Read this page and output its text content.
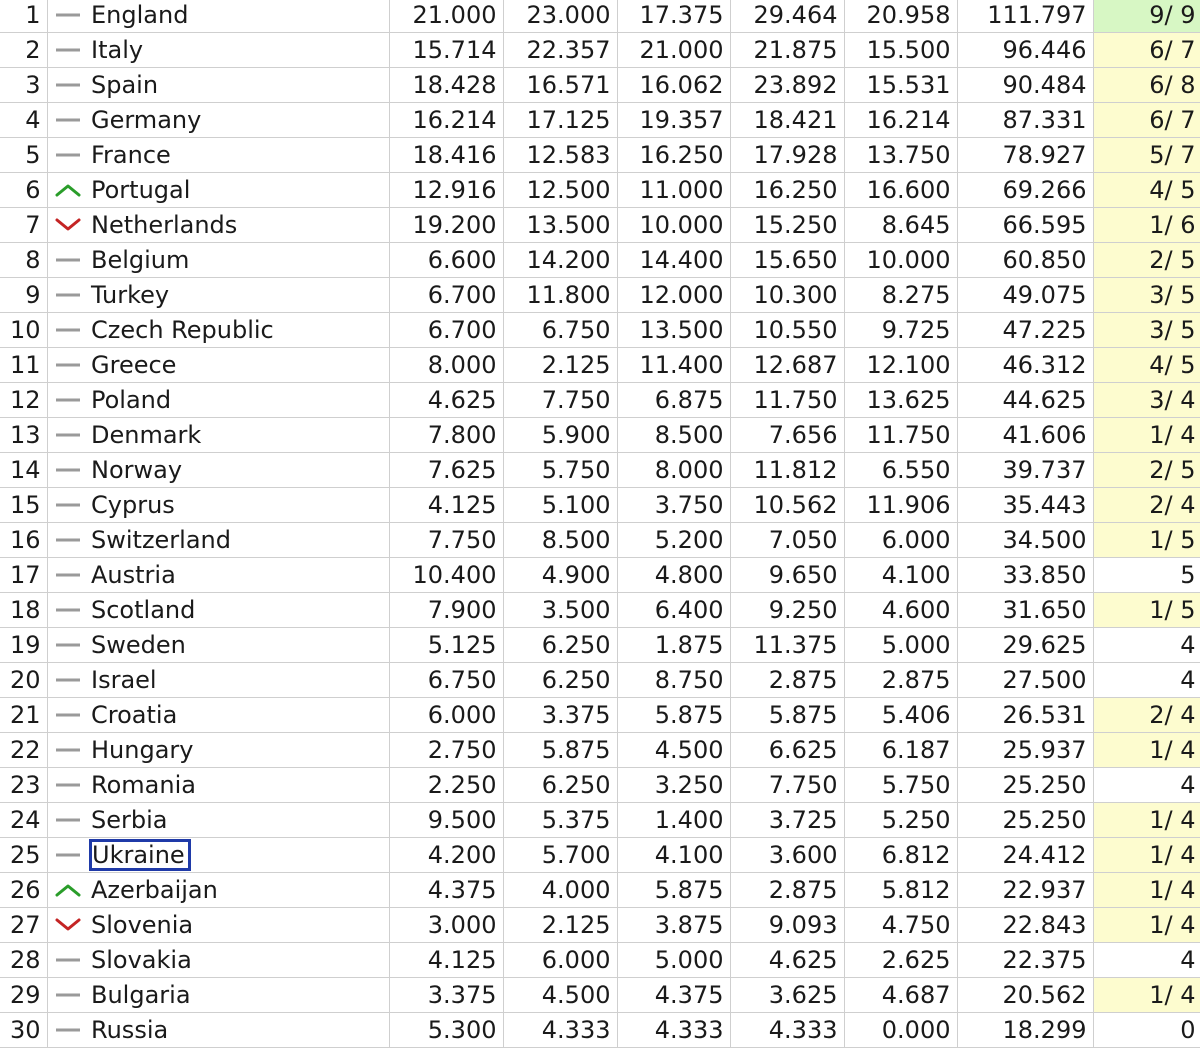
1		England	21.000	23.000	17.375	29.464	20.958	111.797	9/ 9
2		Italy	15.714	22.357	21.000	21.875	15.500	96.446	6/ 7
3		Spain	18.428	16.571	16.062	23.892	15.531	90.484	6/ 8
4		Germany	16.214	17.125	19.357	18.421	16.214	87.331	6/ 7
5		France	18.416	12.583	16.250	17.928	13.750	78.927	5/ 7
6		Portugal	12.916	12.500	11.000	16.250	16.600	69.266	4/ 5
7		Netherlands	19.200	13.500	10.000	15.250	8.645	66.595	1/ 6
8		Belgium	6.600	14.200	14.400	15.650	10.000	60.850	2/ 5
9		Turkey	6.700	11.800	12.000	10.300	8.275	49.075	3/ 5
10		Czech Republic	6.700	6.750	13.500	10.550	9.725	47.225	3/ 5
11		Greece	8.000	2.125	11.400	12.687	12.100	46.312	4/ 5
12		Poland	4.625	7.750	6.875	11.750	13.625	44.625	3/ 4
13		Denmark	7.800	5.900	8.500	7.656	11.750	41.606	1/ 4
14		Norway	7.625	5.750	8.000	11.812	6.550	39.737	2/ 5
15		Cyprus	4.125	5.100	3.750	10.562	11.906	35.443	2/ 4
16		Switzerland	7.750	8.500	5.200	7.050	6.000	34.500	1/ 5
17		Austria	10.400	4.900	4.800	9.650	4.100	33.850	5
18		Scotland	7.900	3.500	6.400	9.250	4.600	31.650	1/ 5
19		Sweden	5.125	6.250	1.875	11.375	5.000	29.625	4
20		Israel	6.750	6.250	8.750	2.875	2.875	27.500	4
21		Croatia	6.000	3.375	5.875	5.875	5.406	26.531	2/ 4
22		Hungary	2.750	5.875	4.500	6.625	6.187	25.937	1/ 4
23		Romania	2.250	6.250	3.250	7.750	5.750	25.250	4
24		Serbia	9.500	5.375	1.400	3.725	5.250	25.250	1/ 4
25		Ukraine	4.200	5.700	4.100	3.600	6.812	24.412	1/ 4
26		Azerbaijan	4.375	4.000	5.875	2.875	5.812	22.937	1/ 4
27		Slovenia	3.000	2.125	3.875	9.093	4.750	22.843	1/ 4
28		Slovakia	4.125	6.000	5.000	4.625	2.625	22.375	4
29		Bulgaria	3.375	4.500	4.375	3.625	4.687	20.562	1/ 4
30		Russia	5.300	4.333	4.333	4.333	0.000	18.299	0
